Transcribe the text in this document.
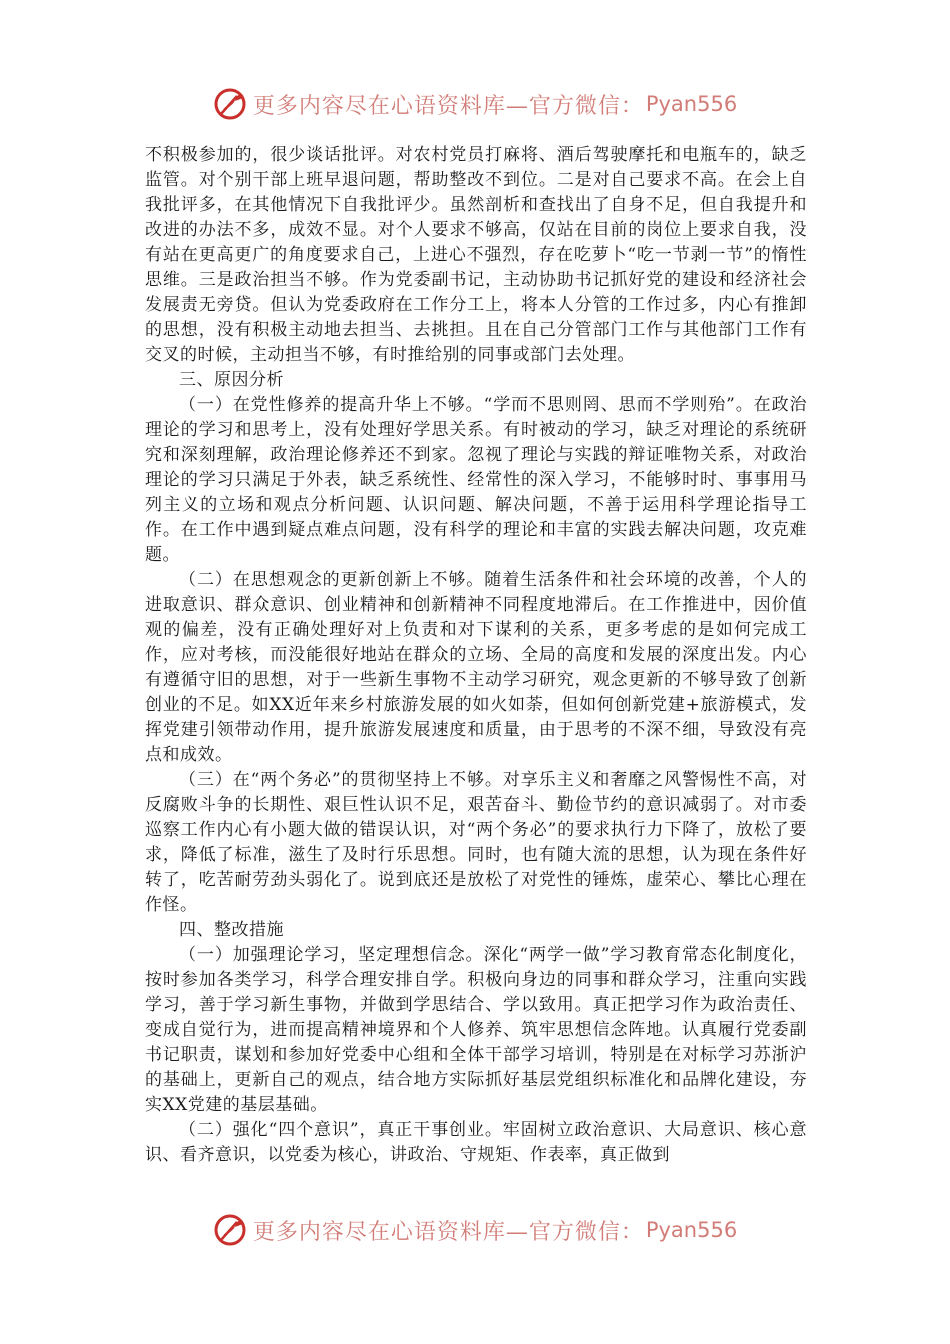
更多内容尽在心语资料库—官方微信： Pyan556

不积极参加的，很少谈话批评。对农村党员打麻将、酒后驾驶摩托和电瓶车的，缺乏监管。对个别干部上班早退问题，帮助整改不到位。二是对自己要求不高。在会上自我批评多，在其他情况下自我批评少。虽然剖析和查找出了自身不足，但自我提升和改进的办法不多，成效不显。对个人要求不够高，仅站在目前的岗位上要求自我，没有站在更高更广的角度要求自己，上进心不强烈，存在吃萝卜“吃一节剥一节”的惰性思维。三是政治担当不够。作为党委副书记，主动协助书记抓好党的建设和经济社会发展责无旁贷。但认为党委政府在工作分工上，将本人分管的工作过多，内心有推卸的思想，没有积极主动地去担当、去挑担。且在自己分管部门工作与其他部门工作有交叉的时候，主动担当不够，有时推给别的同事或部门去处理。

三、原因分析

（一）在党性修养的提高升华上不够。“学而不思则罔、思而不学则殆”。在政治理论的学习和思考上，没有处理好学思关系。有时被动的学习，缺乏对理论的系统研究和深刻理解，政治理论修养还不到家。忽视了理论与实践的辩证唯物关系，对政治理论的学习只满足于外表，缺乏系统性、经常性的深入学习，不能够时时、事事用马列主义的立场和观点分析问题、认识问题、解决问题，不善于运用科学理论指导工作。在工作中遇到疑点难点问题，没有科学的理论和丰富的实践去解决问题，攻克难题。

（二）在思想观念的更新创新上不够。随着生活条件和社会环境的改善，个人的进取意识、群众意识、创业精神和创新精神不同程度地滞后。在工作推进中，因价值观的偏差，没有正确处理好对上负责和对下谋利的关系，更多考虑的是如何完成工作，应对考核，而没能很好地站在群众的立场、全局的高度和发展的深度出发。内心有遵循守旧的思想，对于一些新生事物不主动学习研究，观念更新的不够导致了创新创业的不足。如XX近年来乡村旅游发展的如火如荼，但如何创新党建+旅游模式，发挥党建引领带动作用，提升旅游发展速度和质量，由于思考的不深不细，导致没有亮点和成效。

（三）在“两个务必”的贯彻坚持上不够。对享乐主义和奢靡之风警惕性不高，对反腐败斗争的长期性、艰巨性认识不足，艰苦奋斗、勤俭节约的意识减弱了。对市委巡察工作内心有小题大做的错误认识，对“两个务必”的要求执行力下降了，放松了要求，降低了标准，滋生了及时行乐思想。同时，也有随大流的思想，认为现在条件好转了，吃苦耐劳劲头弱化了。说到底还是放松了对党性的锤炼，虚荣心、攀比心理在作怪。

四、整改措施

（一）加强理论学习，坚定理想信念。深化“两学一做”学习教育常态化制度化，按时参加各类学习，科学合理安排自学。积极向身边的同事和群众学习，注重向实践学习，善于学习新生事物，并做到学思结合、学以致用。真正把学习作为政治责任、变成自觉行为，进而提高精神境界和个人修养、筑牢思想信念阵地。认真履行党委副书记职责，谋划和参加好党委中心组和全体干部学习培训，特别是在对标学习苏浙沪的基础上，更新自己的观点，结合地方实际抓好基层党组织标准化和品牌化建设，夯实XX党建的基层基础。

（二）强化“四个意识”，真正干事创业。牢固树立政治意识、大局意识、核心意识、看齐意识，以党委为核心，讲政治、守规矩、作表率，真正做到

更多内容尽在心语资料库—官方微信： Pyan556
